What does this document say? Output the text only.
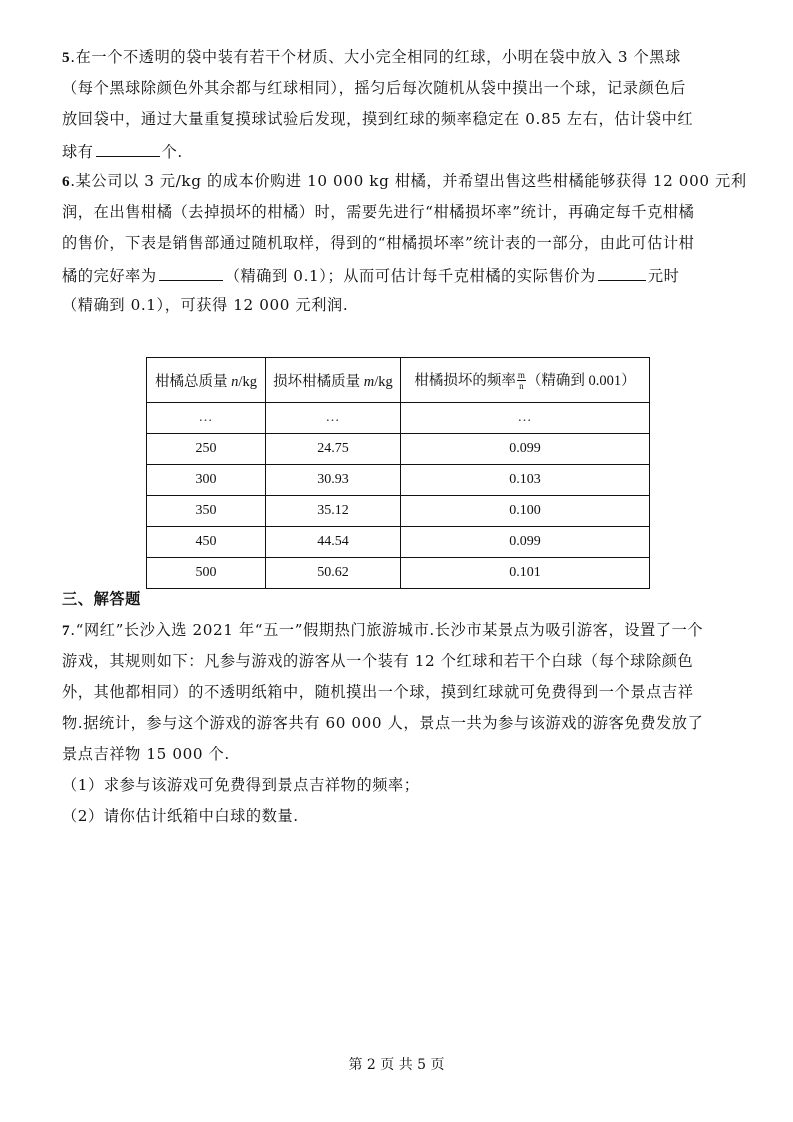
5.在一个不透明的袋中装有若干个材质、大小完全相同的红球，小明在袋中放入 3 个黑球
（每个黑球除颜色外其余都与红球相同），摇匀后每次随机从袋中摸出一个球，记录颜色后
放回袋中，通过大量重复摸球试验后发现，摸到红球的频率稳定在 0.85 左右，估计袋中红
球有	个.
6.某公司以 3 元/kg 的成本价购进 10 000 kg 柑橘，并希望出售这些柑橘能够获得 12 000 元利
润，在出售柑橘（去掉损坏的柑橘）时，需要先进行“柑橘损坏率”统计，再确定每千克柑橘
的售价，下表是销售部通过随机取样，得到的“柑橘损坏率”统计表的一部分，由此可估计柑
橘的完好率为	（精确到 0.1）；从而可估计每千克柑橘的实际售价为	元时
（精确到 0.1），可获得 12 000 元利润.
柑橘总质量 n/kg	损坏柑橘质量 m/kg	柑橘损坏的频率 $\frac{m}{n}$ （精确到 0.001）
…	…	…
250	24.75	0.099
300	30.93	0.103
350	35.12	0.100
450	44.54	0.099
500	50.62	0.101
三、解答题
7.“网红”长沙入选 2021 年“五一”假期热门旅游城市.长沙市某景点为吸引游客，设置了一个
游戏，其规则如下：凡参与游戏的游客从一个装有 12 个红球和若干个白球（每个球除颜色
外，其他都相同）的不透明纸箱中，随机摸出一个球，摸到红球就可免费得到一个景点吉祥
物.据统计，参与这个游戏的游客共有 60 000 人，景点一共为参与该游戏的游客免费发放了
景点吉祥物 15 000 个.
（1）求参与该游戏可免费得到景点吉祥物的频率；
（2）请你估计纸箱中白球的数量.
第 2 页 共 5 页
